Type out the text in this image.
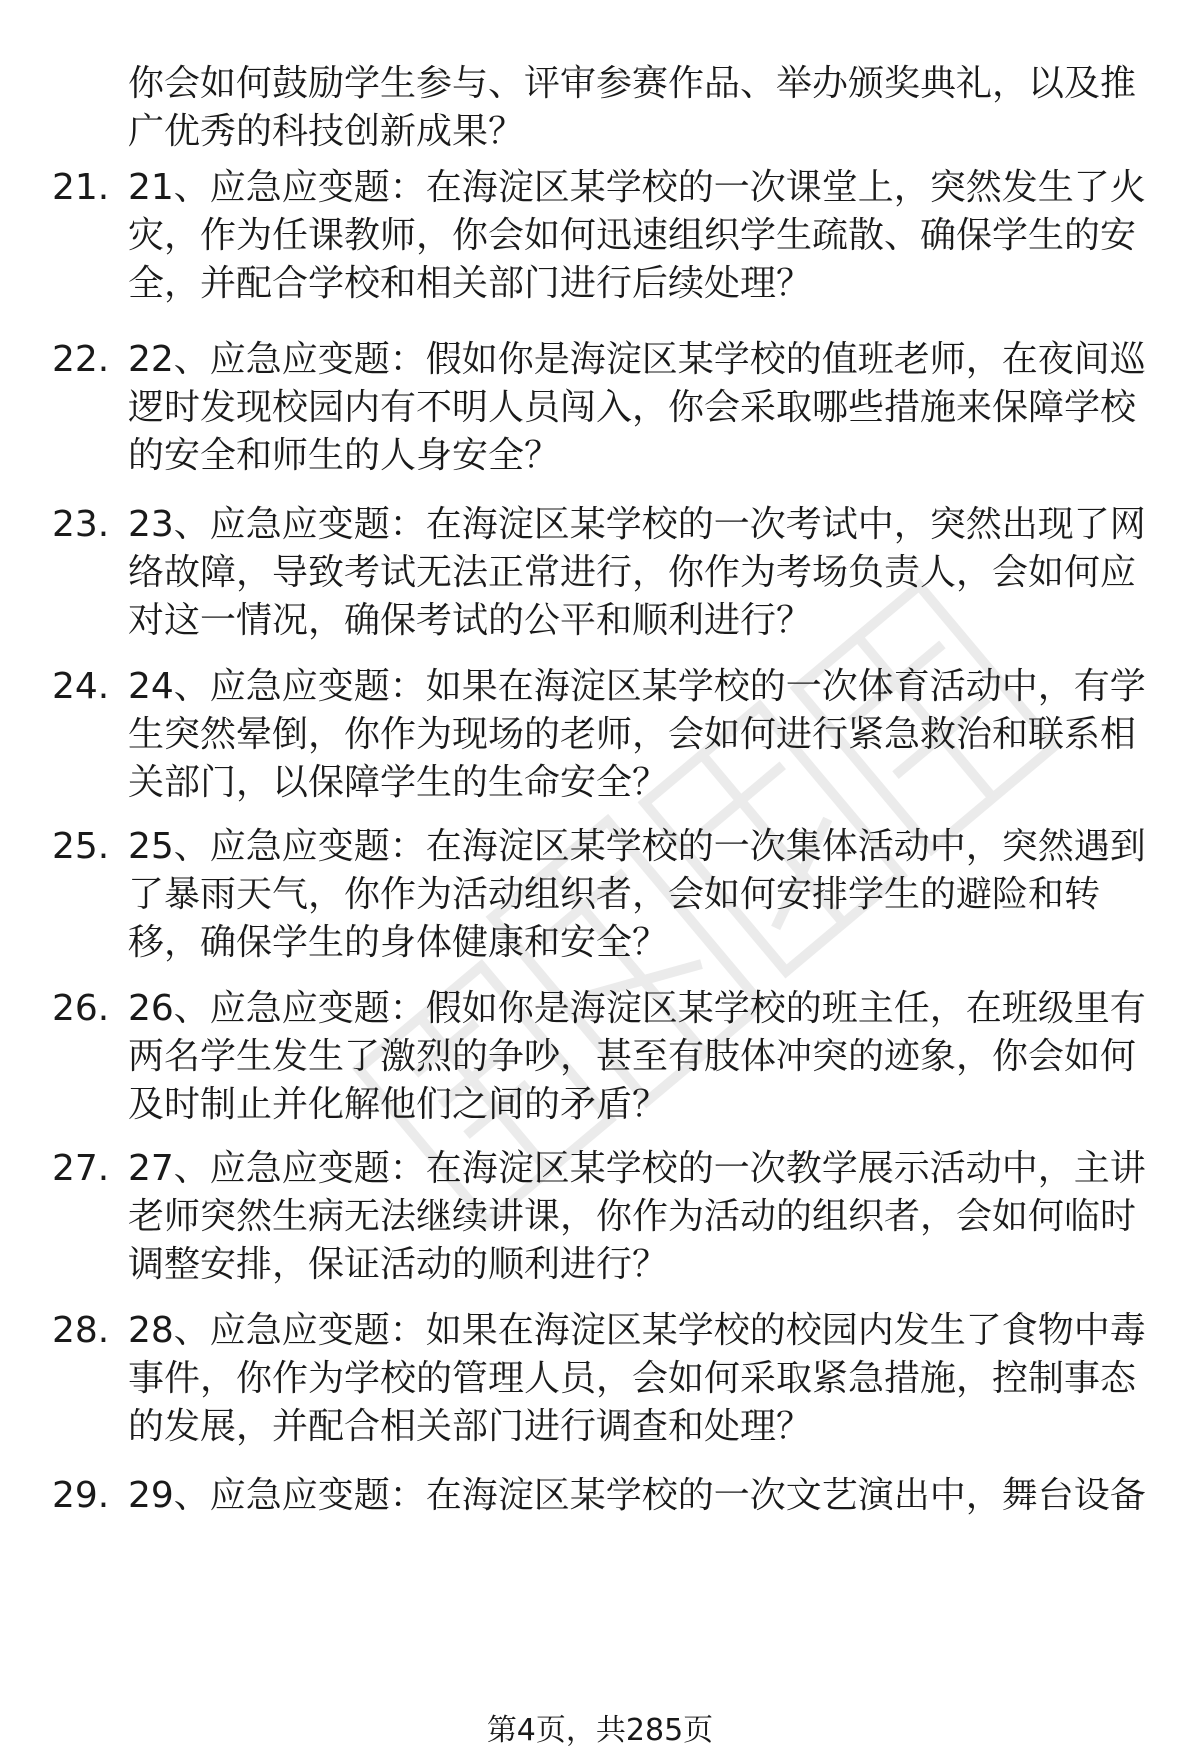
你会如何鼓励学生参与、评审参赛作品、举办颁奖典礼，以及推
广优秀的科技创新成果？
21. 21、应急应变题：在海淀区某学校的一次课堂上，突然发生了火
灾，作为任课教师，你会如何迅速组织学生疏散、确保学生的安
全，并配合学校和相关部门进行后续处理？
22. 22、应急应变题：假如你是海淀区某学校的值班老师，在夜间巡
逻时发现校园内有不明人员闯入，你会采取哪些措施来保障学校
的安全和师生的人身安全？
23. 23、应急应变题：在海淀区某学校的一次考试中，突然出现了网
络故障，导致考试无法正常进行，你作为考场负责人，会如何应
对这一情况，确保考试的公平和顺利进行？
24. 24、应急应变题：如果在海淀区某学校的一次体育活动中，有学
生突然晕倒，你作为现场的老师，会如何进行紧急救治和联系相
关部门，以保障学生的生命安全？
25. 25、应急应变题：在海淀区某学校的一次集体活动中，突然遇到
了暴雨天气，你作为活动组织者，会如何安排学生的避险和转
移，确保学生的身体健康和安全？
26. 26、应急应变题：假如你是海淀区某学校的班主任，在班级里有
两名学生发生了激烈的争吵，甚至有肢体冲突的迹象，你会如何
及时制止并化解他们之间的矛盾？
27. 27、应急应变题：在海淀区某学校的一次教学展示活动中，主讲
老师突然生病无法继续讲课，你作为活动的组织者，会如何临时
调整安排，保证活动的顺利进行？
28. 28、应急应变题：如果在海淀区某学校的校园内发生了食物中毒
事件，你作为学校的管理人员，会如何采取紧急措施，控制事态
的发展，并配合相关部门进行调查和处理？
29. 29、应急应变题：在海淀区某学校的一次文艺演出中，舞台设备
第4页，共285页
